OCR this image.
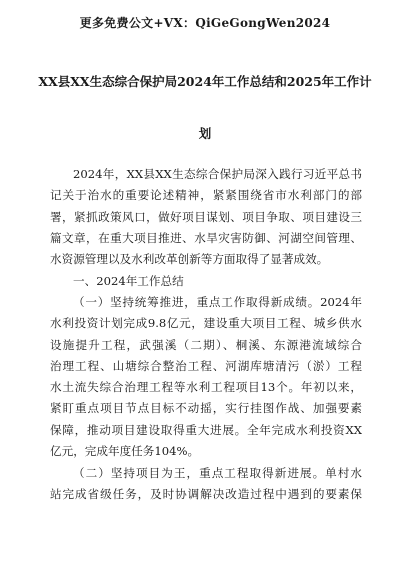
更多免费公文+VX：QiGeGongWen2024
XX县XX生态综合保护局2024年工作总结和2025年工作计
划
2024年，XX县XX生态综合保护局深入践行习近平总书
记关于治水的重要论述精神，紧紧围绕省市水利部门的部
署，紧抓政策风口，做好项目谋划、项目争取、项目建设三
篇文章，在重大项目推进、水旱灾害防御、河湖空间管理、
水资源管理以及水利改革创新等方面取得了显著成效。
一、2024年工作总结
（一）坚持统筹推进，重点工作取得新成绩。2024年
水利投资计划完成9.8亿元，建设重大项目工程、城乡供水
设施提升工程，武强溪（二期）、桐溪、东源港流域综合
治理工程、山塘综合整治工程、河湖库塘清污（淤）工程
水土流失综合治理工程等水利工程项目13个。年初以来，
紧盯重点项目节点目标不动摇，实行挂图作战、加强要素
保障，推动项目建设取得重大进展。全年完成水利投资XX
亿元，完成年度任务104%。
（二）坚持项目为王，重点工程取得新进展。单村水
站完成省级任务，及时协调解决改造过程中遇到的要素保
